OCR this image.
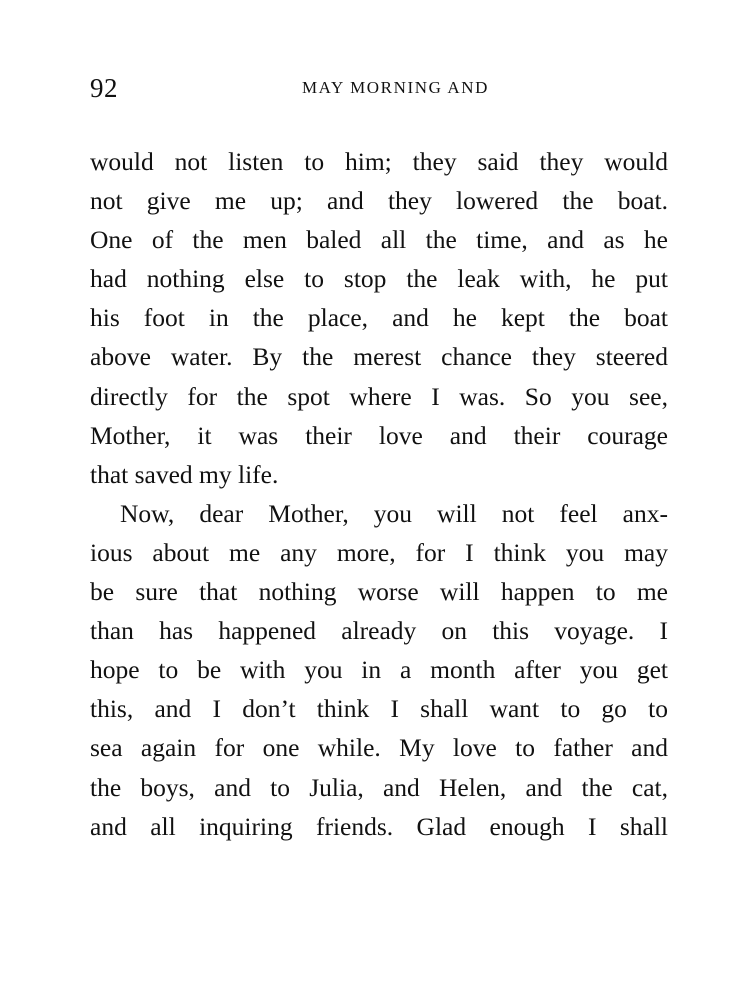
92	MAY MORNING AND
would not listen to him; they said they would
not give me up; and they lowered the boat.
One of the men baled all the time, and as he
had nothing else to stop the leak with, he put
his foot in the place, and he kept the boat
above water. By the merest chance they steered
directly for the spot where I was. So you see,
Mother, it was their love and their courage
that saved my life.
Now, dear Mother, you will not feel anx-
ious about me any more, for I think you may
be sure that nothing worse will happen to me
than has happened already on this voyage. I
hope to be with you in a month after you get
this, and I don’t think I shall want to go to
sea again for one while. My love to father and
the boys, and to Julia, and Helen, and the cat,
and all inquiring friends. Glad enough I shall
